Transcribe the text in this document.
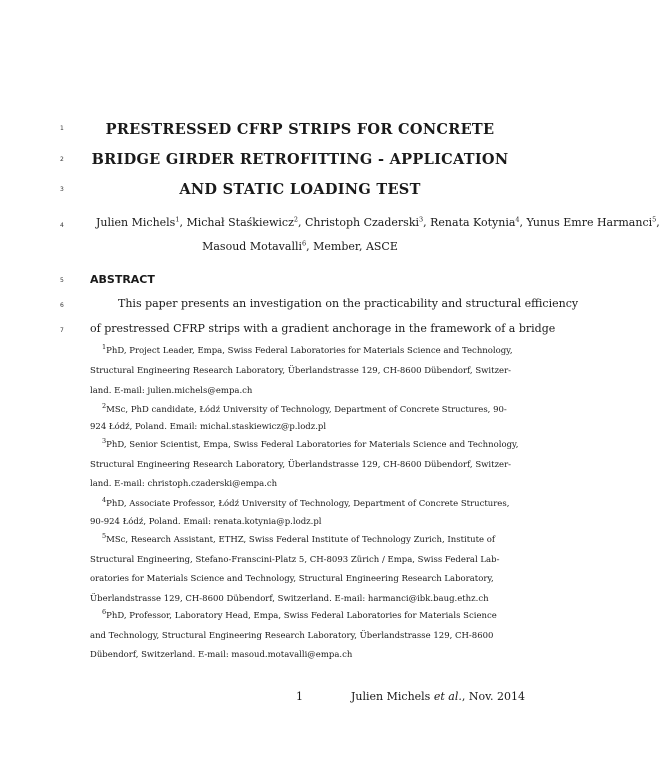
1
2
3
4
5
6
7
PRESTRESSED CFRP STRIPS FOR CONCRETE
BRIDGE GIRDER RETROFITTING - APPLICATION
AND STATIC LOADING TEST
Julien Michels$^1$, Michał Staśkiewicz$^2$, Christoph Czaderski$^3$, Renata Kotynia$^4$, Yunus Emre Harmanci$^5$,
Masoud Motavalli$^6$, Member, ASCE
ABSTRACT
This paper presents an investigation on the practicability and structural efficiency
of prestressed CFRP strips with a gradient anchorage in the framework of a bridge
$^1$PhD, Project Leader, Empa, Swiss Federal Laboratories for Materials Science and Technology,
Structural Engineering Research Laboratory, Überlandstrasse 129, CH-8600 Dübendorf, Switzer-
land. E-mail: julien.michels@empa.ch
$^2$MSc, PhD candidate, Łódź University of Technology, Department of Concrete Structures, 90-
924 Łódź, Poland. Email: michal.staskiewicz@p.lodz.pl
$^3$PhD, Senior Scientist, Empa, Swiss Federal Laboratories for Materials Science and Technology,
Structural Engineering Research Laboratory, Überlandstrasse 129, CH-8600 Dübendorf, Switzer-
land. E-mail: christoph.czaderski@empa.ch
$^4$PhD, Associate Professor, Łódź University of Technology, Department of Concrete Structures,
90-924 Łódź, Poland. Email: renata.kotynia@p.lodz.pl
$^5$MSc, Research Assistant, ETHZ, Swiss Federal Institute of Technology Zurich, Institute of
Structural Engineering, Stefano-Franscini-Platz 5, CH-8093 Zürich / Empa, Swiss Federal Lab-
oratories for Materials Science and Technology, Structural Engineering Research Laboratory,
Überlandstrasse 129, CH-8600 Dübendorf, Switzerland. E-mail: harmanci@ibk.baug.ethz.ch
$^6$PhD, Professor, Laboratory Head, Empa, Swiss Federal Laboratories for Materials Science
and Technology, Structural Engineering Research Laboratory, Überlandstrasse 129, CH-8600
Dübendorf, Switzerland. E-mail: masoud.motavalli@empa.ch
1	Julien Michels et al., Nov. 2014
